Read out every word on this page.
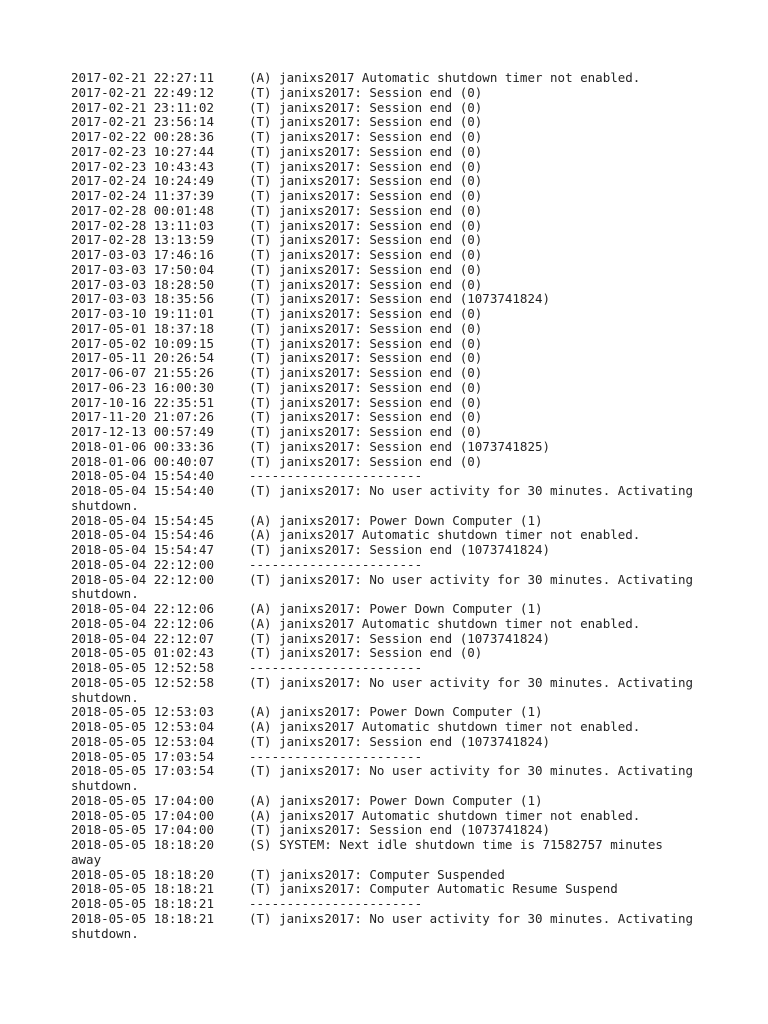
2017-02-21 22:27:11	(A) janixs2017 Automatic shutdown timer not enabled.
2017-02-21 22:49:12	(T) janixs2017: Session end (0)
2017-02-21 23:11:02	(T) janixs2017: Session end (0)
2017-02-21 23:56:14	(T) janixs2017: Session end (0)
2017-02-22 00:28:36	(T) janixs2017: Session end (0)
2017-02-23 10:27:44	(T) janixs2017: Session end (0)
2017-02-23 10:43:43	(T) janixs2017: Session end (0)
2017-02-24 10:24:49	(T) janixs2017: Session end (0)
2017-02-24 11:37:39	(T) janixs2017: Session end (0)
2017-02-28 00:01:48	(T) janixs2017: Session end (0)
2017-02-28 13:11:03	(T) janixs2017: Session end (0)
2017-02-28 13:13:59	(T) janixs2017: Session end (0)
2017-03-03 17:46:16	(T) janixs2017: Session end (0)
2017-03-03 17:50:04	(T) janixs2017: Session end (0)
2017-03-03 18:28:50	(T) janixs2017: Session end (0)
2017-03-03 18:35:56	(T) janixs2017: Session end (1073741824)
2017-03-10 19:11:01	(T) janixs2017: Session end (0)
2017-05-01 18:37:18	(T) janixs2017: Session end (0)
2017-05-02 10:09:15	(T) janixs2017: Session end (0)
2017-05-11 20:26:54	(T) janixs2017: Session end (0)
2017-06-07 21:55:26	(T) janixs2017: Session end (0)
2017-06-23 16:00:30	(T) janixs2017: Session end (0)
2017-10-16 22:35:51	(T) janixs2017: Session end (0)
2017-11-20 21:07:26	(T) janixs2017: Session end (0)
2017-12-13 00:57:49	(T) janixs2017: Session end (0)
2018-01-06 00:33:36	(T) janixs2017: Session end (1073741825)
2018-01-06 00:40:07	(T) janixs2017: Session end (0)
2018-05-04 15:54:40	-----------------------
2018-05-04 15:54:40	(T) janixs2017: No user activity for 30 minutes. Activating
shutdown.
2018-05-04 15:54:45	(A) janixs2017: Power Down Computer (1)
2018-05-04 15:54:46	(A) janixs2017 Automatic shutdown timer not enabled.
2018-05-04 15:54:47	(T) janixs2017: Session end (1073741824)
2018-05-04 22:12:00	-----------------------
2018-05-04 22:12:00	(T) janixs2017: No user activity for 30 minutes. Activating
shutdown.
2018-05-04 22:12:06	(A) janixs2017: Power Down Computer (1)
2018-05-04 22:12:06	(A) janixs2017 Automatic shutdown timer not enabled.
2018-05-04 22:12:07	(T) janixs2017: Session end (1073741824)
2018-05-05 01:02:43	(T) janixs2017: Session end (0)
2018-05-05 12:52:58	-----------------------
2018-05-05 12:52:58	(T) janixs2017: No user activity for 30 minutes. Activating
shutdown.
2018-05-05 12:53:03	(A) janixs2017: Power Down Computer (1)
2018-05-05 12:53:04	(A) janixs2017 Automatic shutdown timer not enabled.
2018-05-05 12:53:04	(T) janixs2017: Session end (1073741824)
2018-05-05 17:03:54	-----------------------
2018-05-05 17:03:54	(T) janixs2017: No user activity for 30 minutes. Activating
shutdown.
2018-05-05 17:04:00	(A) janixs2017: Power Down Computer (1)
2018-05-05 17:04:00	(A) janixs2017 Automatic shutdown timer not enabled.
2018-05-05 17:04:00	(T) janixs2017: Session end (1073741824)
2018-05-05 18:18:20	(S) SYSTEM: Next idle shutdown time is 71582757 minutes
away
2018-05-05 18:18:20	(T) janixs2017: Computer Suspended
2018-05-05 18:18:21	(T) janixs2017: Computer Automatic Resume Suspend
2018-05-05 18:18:21	-----------------------
2018-05-05 18:18:21	(T) janixs2017: No user activity for 30 minutes. Activating
shutdown.
